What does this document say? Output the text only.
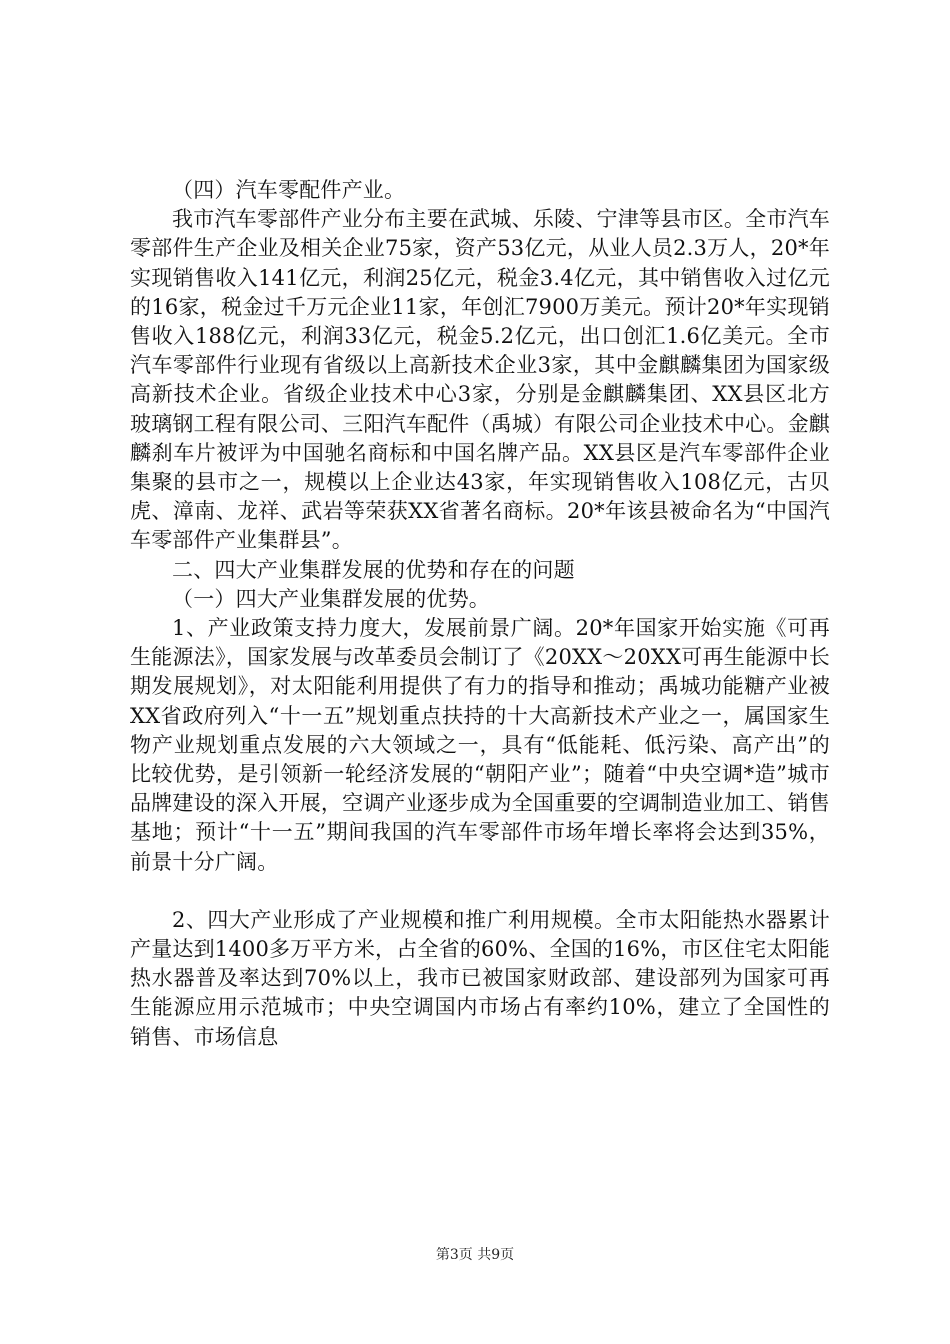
（四）汽车零配件产业。

我市汽车零部件产业分布主要在武城、乐陵、宁津等县市区。全市汽车零部件生产企业及相关企业75家，资产53亿元，从业人员2.3万人，20*年实现销售收入141亿元，利润25亿元，税金3.4亿元，其中销售收入过亿元的16家，税金过千万元企业11家，年创汇7900万美元。预计20*年实现销售收入188亿元，利润33亿元，税金5.2亿元，出口创汇1.6亿美元。全市汽车零部件行业现有省级以上高新技术企业3家，其中金麒麟集团为国家级高新技术企业。省级企业技术中心3家，分别是金麒麟集团、XX县区北方玻璃钢工程有限公司、三阳汽车配件（禹城）有限公司企业技术中心。金麒麟刹车片被评为中国驰名商标和中国名牌产品。XX县区是汽车零部件企业集聚的县市之一，规模以上企业达43家，年实现销售收入108亿元，古贝虎、漳南、龙祥、武岩等荣获XX省著名商标。20*年该县被命名为“中国汽车零部件产业集群县”。

二、四大产业集群发展的优势和存在的问题

（一）四大产业集群发展的优势。

1、产业政策支持力度大，发展前景广阔。20*年国家开始实施《可再生能源法》，国家发展与改革委员会制订了《20XX～20XX可再生能源中长期发展规划》，对太阳能利用提供了有力的指导和推动；禹城功能糖产业被XX省政府列入“十一五”规划重点扶持的十大高新技术产业之一，属国家生物产业规划重点发展的六大领域之一，具有“低能耗、低污染、高产出”的比较优势，是引领新一轮经济发展的“朝阳产业”；随着“中央空调*造”城市品牌建设的深入开展，空调产业逐步成为全国重要的空调制造业加工、销售基地；预计“十一五”期间我国的汽车零部件市场年增长率将会达到35%，前景十分广阔。

2、四大产业形成了产业规模和推广利用规模。全市太阳能热水器累计产量达到1400多万平方米，占全省的60%、全国的16%，市区住宅太阳能热水器普及率达到70%以上，我市已被国家财政部、建设部列为国家可再生能源应用示范城市；中央空调国内市场占有率约10%，建立了全国性的销售、市场信息

第3页 共9页
